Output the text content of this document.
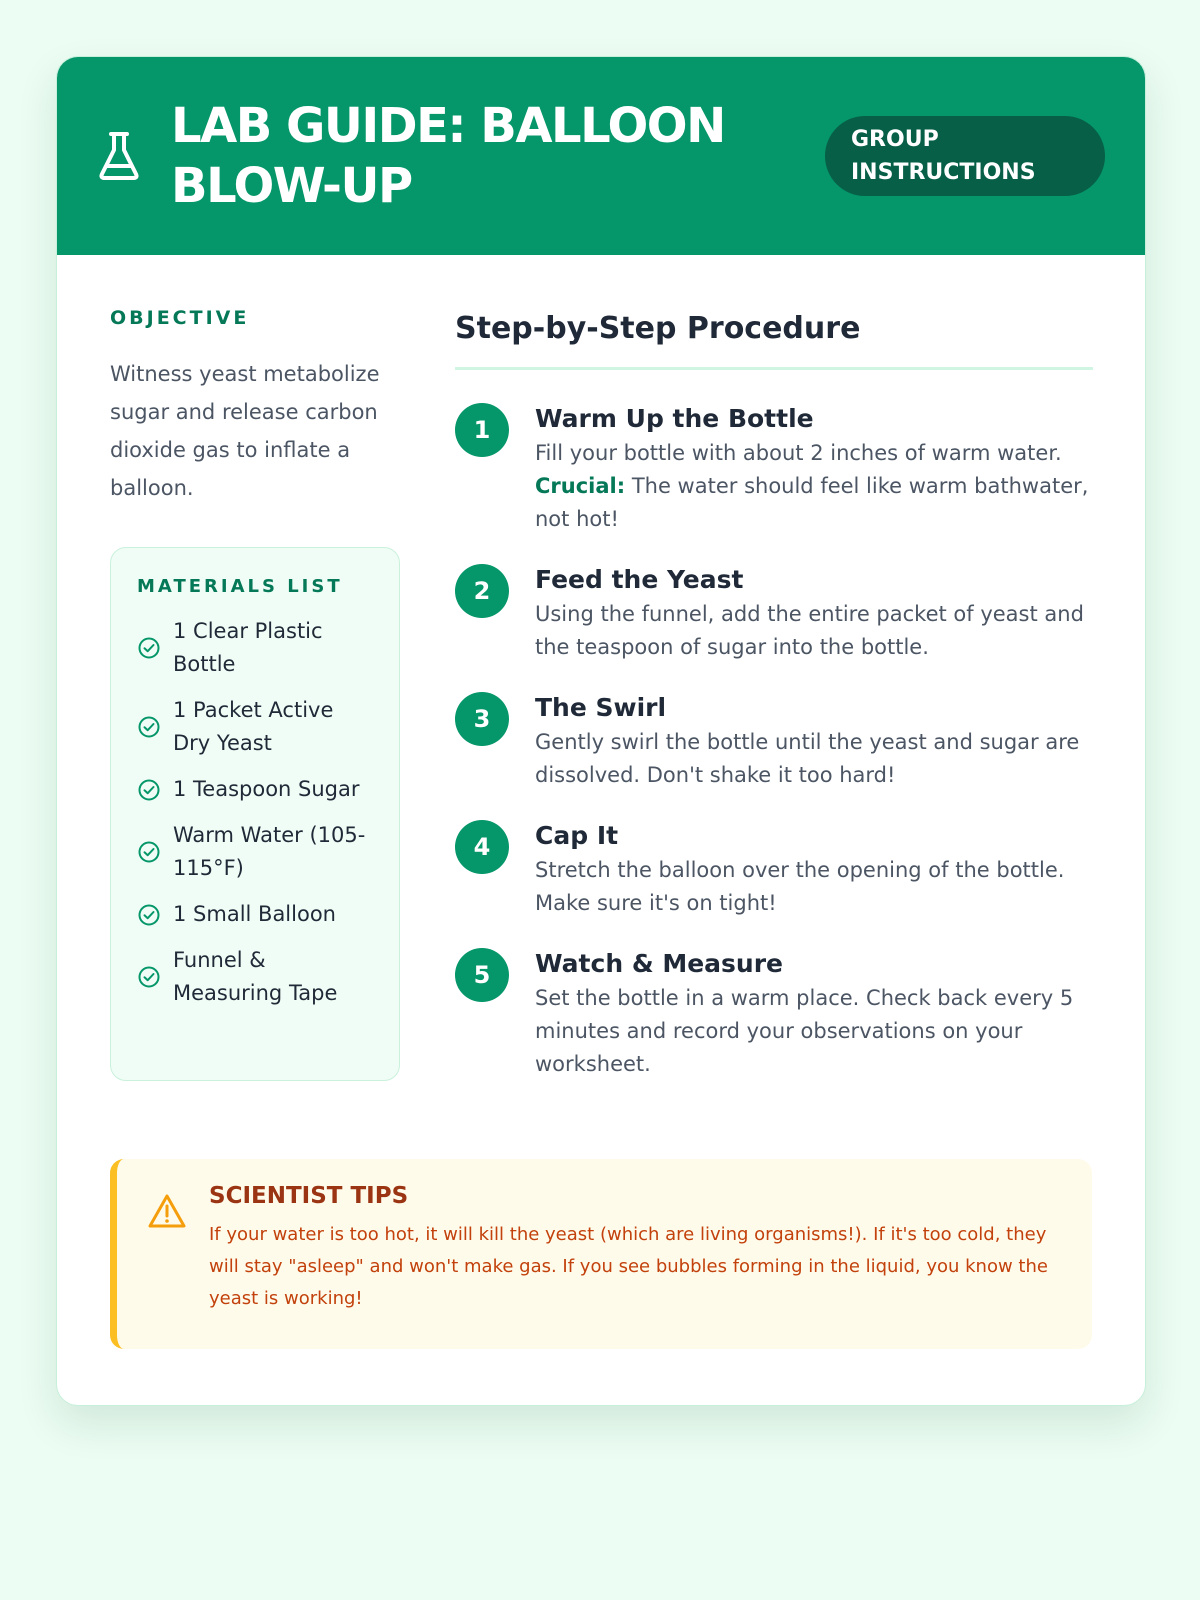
LAB GUIDE: BALLOON BLOW-UP
GROUP INSTRUCTIONS
OBJECTIVE

Witness yeast metabolize sugar and release carbon dioxide gas to inflate a balloon.

MATERIALS LIST
1 Clear Plastic Bottle
1 Packet Active Dry Yeast
1 Teaspoon Sugar
Warm Water (105-115°F)
1 Small Balloon
Funnel & Measuring Tape
Step-by-Step Procedure
1	Warm Up the Bottle

Fill your bottle with about 2 inches of warm water.
Crucial: The water should feel like warm bathwater, not hot!

2	Feed the Yeast

Using the funnel, add the entire packet of yeast and the teaspoon of sugar into the bottle.

3	The Swirl

Gently swirl the bottle until the yeast and sugar are dissolved. Don't shake it too hard!

4	Cap It

Stretch the balloon over the opening of the bottle. Make sure it's on tight!

5	Watch & Measure

Set the bottle in a warm place. Check back every 5 minutes and record your observations on your worksheet.

SCIENTIST TIPS

If your water is too hot, it will kill the yeast (which are living organisms!). If it's too cold, they will stay "asleep" and won't make gas. If you see bubbles forming in the liquid, you know the yeast is working!
